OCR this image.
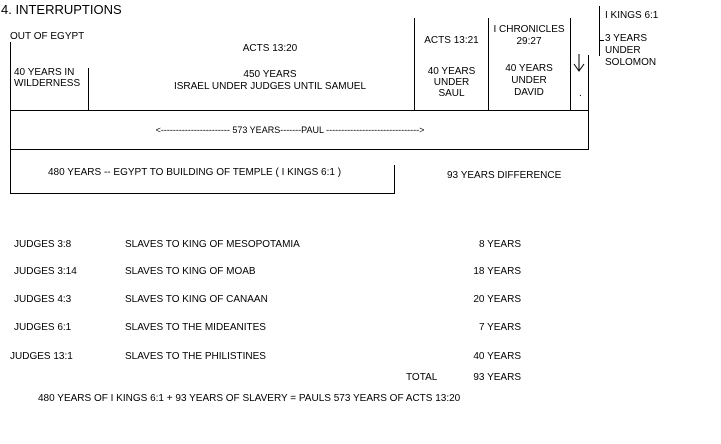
4. INTERRUPTIONS
OUT OF EGYPT
40 YEARS IN
WILDERNESS
ACTS 13:20
450 YEARS
ISRAEL UNDER JUDGES UNTIL SAMUEL
ACTS 13:21
40 YEARS
UNDER
SAUL
I CHRONICLES
29:27
40 YEARS
UNDER
DAVID
I KINGS 6:1
3 YEARS
UNDER
SOLOMON
.
<----------------------- 573 YEARS-------PAUL ------------------------------->
480 YEARS -- EGYPT TO BUILDING OF TEMPLE ( I KINGS 6:1 )	93 YEARS DIFFERENCE
JUDGES 3:8	SLAVES TO KING OF MESOPOTAMIA	8 YEARS
JUDGES 3:14	SLAVES TO KING OF MOAB	18 YEARS
JUDGES 4:3	SLAVES TO KING OF CANAAN	20 YEARS
JUDGES 6:1	SLAVES TO THE MIDEANITES	7 YEARS
JUDGES 13:1	SLAVES TO THE PHILISTINES	40 YEARS
TOTAL	93 YEARS
480 YEARS OF I KINGS 6:1 + 93 YEARS OF SLAVERY = PAULS 573 YEARS OF ACTS 13:20
